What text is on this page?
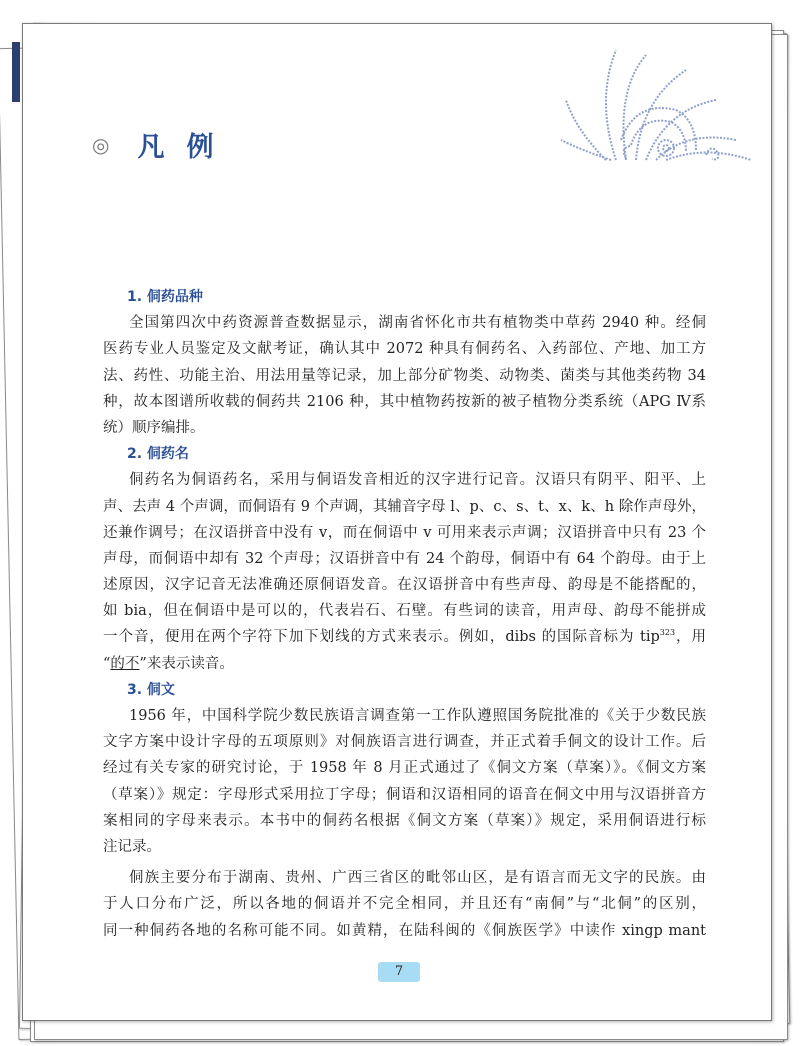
◎ 凡例
1. 侗药品种
全国第四次中药资源普查数据显示，湖南省怀化市共有植物类中草药 2940 种。经侗
医药专业人员鉴定及文献考证，确认其中 2072 种具有侗药名、入药部位、产地、加工方
法、药性、功能主治、用法用量等记录，加上部分矿物类、动物类、菌类与其他类药物 34
种，故本图谱所收载的侗药共 2106 种，其中植物药按新的被子植物分类系统（APG Ⅳ系
统）顺序编排。
2. 侗药名
侗药名为侗语药名，采用与侗语发音相近的汉字进行记音。汉语只有阴平、阳平、上
声、去声 4 个声调，而侗语有 9 个声调，其辅音字母 l、p、c、s、t、x、k、h 除作声母外，
还兼作调号；在汉语拼音中没有 v，而在侗语中 v 可用来表示声调；汉语拼音中只有 23 个
声母，而侗语中却有 32 个声母；汉语拼音中有 24 个韵母，侗语中有 64 个韵母。由于上
述原因，汉字记音无法准确还原侗语发音。在汉语拼音中有些声母、韵母是不能搭配的，
如 bia，但在侗语中是可以的，代表岩石、石壁。有些词的读音，用声母、韵母不能拼成
一个音，便用在两个字符下加下划线的方式来表示。例如，dibs 的国际音标为 tip$^{323}$，用
“的不”来表示读音。
3. 侗文
1956 年，中国科学院少数民族语言调查第一工作队遵照国务院批准的《关于少数民族
文字方案中设计字母的五项原则》对侗族语言进行调查，并正式着手侗文的设计工作。后
经过有关专家的研究讨论，于 1958 年 8 月正式通过了《侗文方案（草案）》。《侗文方案
（草案）》规定：字母形式采用拉丁字母；侗语和汉语相同的语音在侗文中用与汉语拼音方
案相同的字母来表示。本书中的侗药名根据《侗文方案（草案）》规定，采用侗语进行标
注记录。
侗族主要分布于湖南、贵州、广西三省区的毗邻山区，是有语言而无文字的民族。由
于人口分布广泛，所以各地的侗语并不完全相同，并且还有“南侗”与“北侗”的区别，
同一种侗药各地的名称可能不同。如黄精，在陆科闽的《侗族医学》中读作 xingp mant
7
